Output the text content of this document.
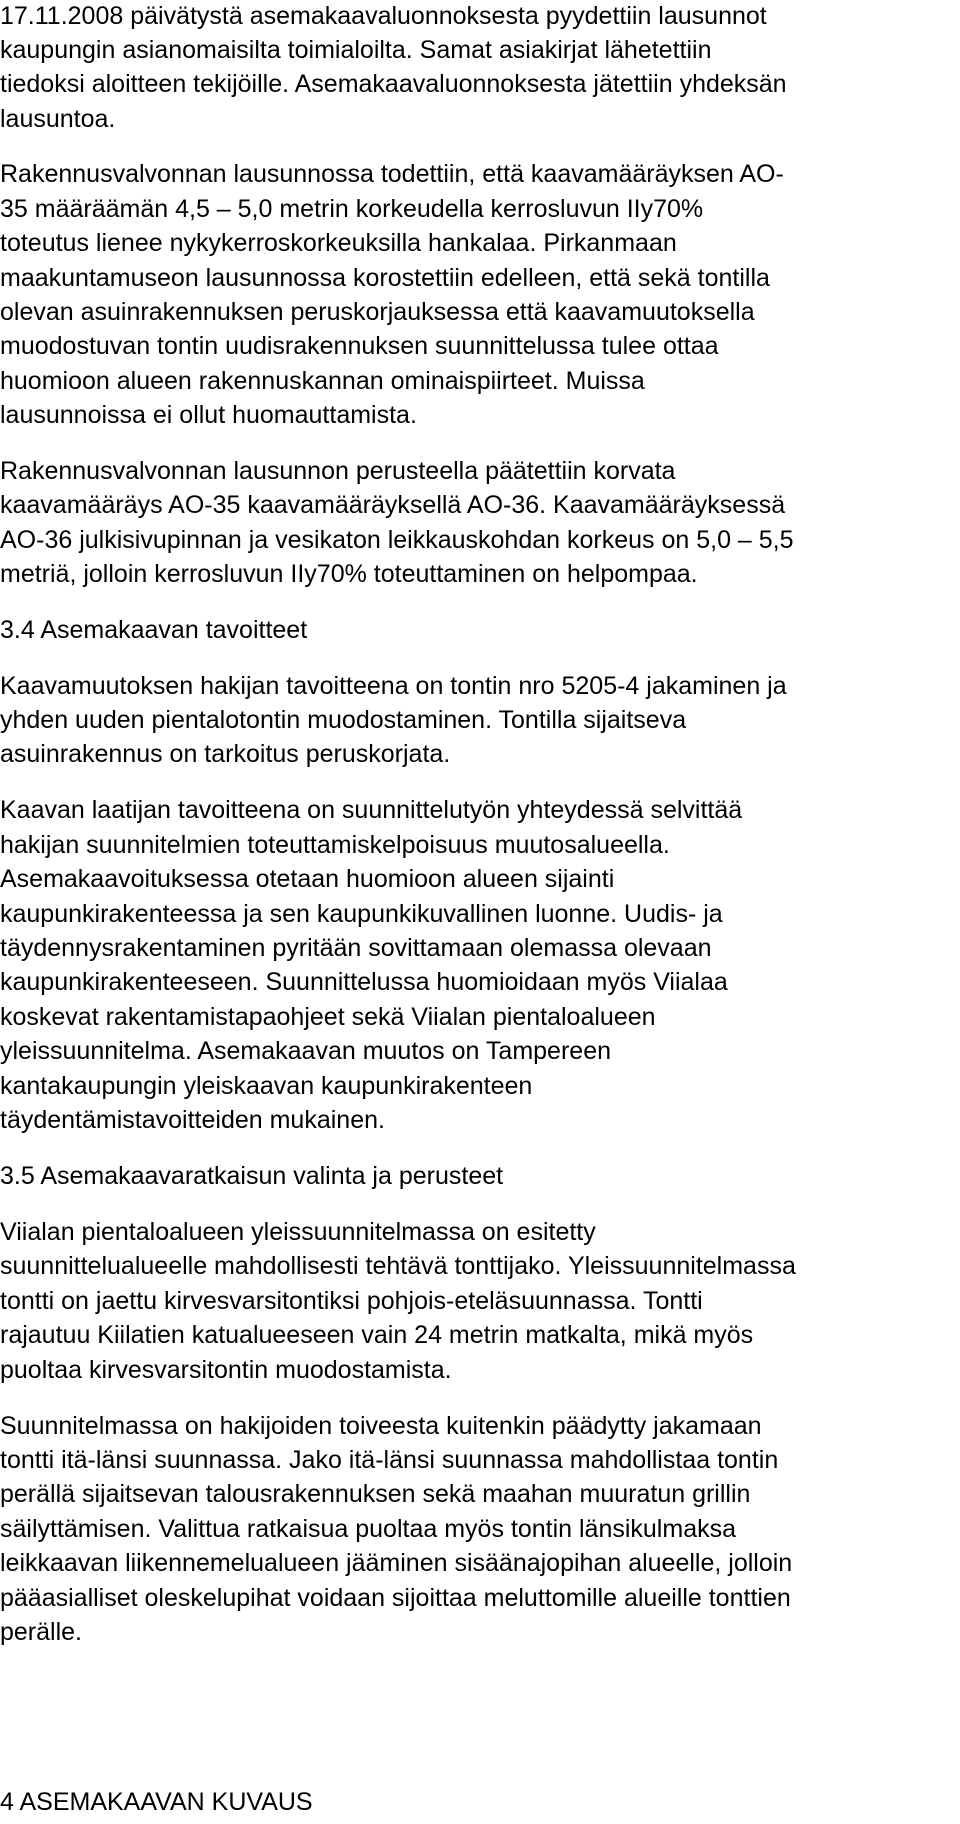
17.11.2008 päivätystä asemakaavaluonnoksesta pyydettiin lausunnot
kaupungin asianomaisilta toimialoilta. Samat asiakirjat lähetettiin
tiedoksi aloitteen tekijöille. Asemakaavaluonnoksesta jätettiin yhdeksän
lausuntoa.
Rakennusvalvonnan lausunnossa todettiin, että kaavamääräyksen AO-
35 määräämän 4,5 – 5,0 metrin korkeudella kerrosluvun IIy70%
toteutus lienee nykykerroskorkeuksilla hankalaa. Pirkanmaan
maakuntamuseon lausunnossa korostettiin edelleen, että sekä tontilla
olevan asuinrakennuksen peruskorjauksessa että kaavamuutoksella
muodostuvan tontin uudisrakennuksen suunnittelussa tulee ottaa
huomioon alueen rakennuskannan ominaispiirteet. Muissa
lausunnoissa ei ollut huomauttamista.
Rakennusvalvonnan lausunnon perusteella päätettiin korvata
kaavamääräys AO-35 kaavamääräyksellä AO-36. Kaavamääräyksessä
AO-36 julkisivupinnan ja vesikaton leikkauskohdan korkeus on 5,0 – 5,5
metriä, jolloin kerrosluvun IIy70% toteuttaminen on helpompaa.
3.4 Asemakaavan tavoitteet
Kaavamuutoksen hakijan tavoitteena on tontin nro 5205-4 jakaminen ja
yhden uuden pientalotontin muodostaminen. Tontilla sijaitseva
asuinrakennus on tarkoitus peruskorjata.
Kaavan laatijan tavoitteena on suunnittelutyön yhteydessä selvittää
hakijan suunnitelmien toteuttamiskelpoisuus muutosalueella.
Asemakaavoituksessa otetaan huomioon alueen sijainti
kaupunkirakenteessa ja sen kaupunkikuvallinen luonne. Uudis- ja
täydennysrakentaminen pyritään sovittamaan olemassa olevaan
kaupunkirakenteeseen. Suunnittelussa huomioidaan myös Viialaa
koskevat rakentamistapaohjeet sekä Viialan pientaloalueen
yleissuunnitelma. Asemakaavan muutos on Tampereen
kantakaupungin yleiskaavan kaupunkirakenteen
täydentämistavoitteiden mukainen.
3.5 Asemakaavaratkaisun valinta ja perusteet
Viialan pientaloalueen yleissuunnitelmassa on esitetty
suunnittelualueelle mahdollisesti tehtävä tonttijako. Yleissuunnitelmassa
tontti on jaettu kirvesvarsitontiksi pohjois-eteläsuunnassa. Tontti
rajautuu Kiilatien katualueeseen vain 24 metrin matkalta, mikä myös
puoltaa kirvesvarsitontin muodostamista.
Suunnitelmassa on hakijoiden toiveesta kuitenkin päädytty jakamaan
tontti itä-länsi suunnassa. Jako itä-länsi suunnassa mahdollistaa tontin
perällä sijaitsevan talousrakennuksen sekä maahan muuratun grillin
säilyttämisen. Valittua ratkaisua puoltaa myös tontin länsikulmaksa
leikkaavan liikennemelualueen jääminen sisäänajopihan alueelle, jolloin
pääasialliset oleskelupihat voidaan sijoittaa meluttomille alueille tonttien
perälle.
4 ASEMAKAAVAN KUVAUS
